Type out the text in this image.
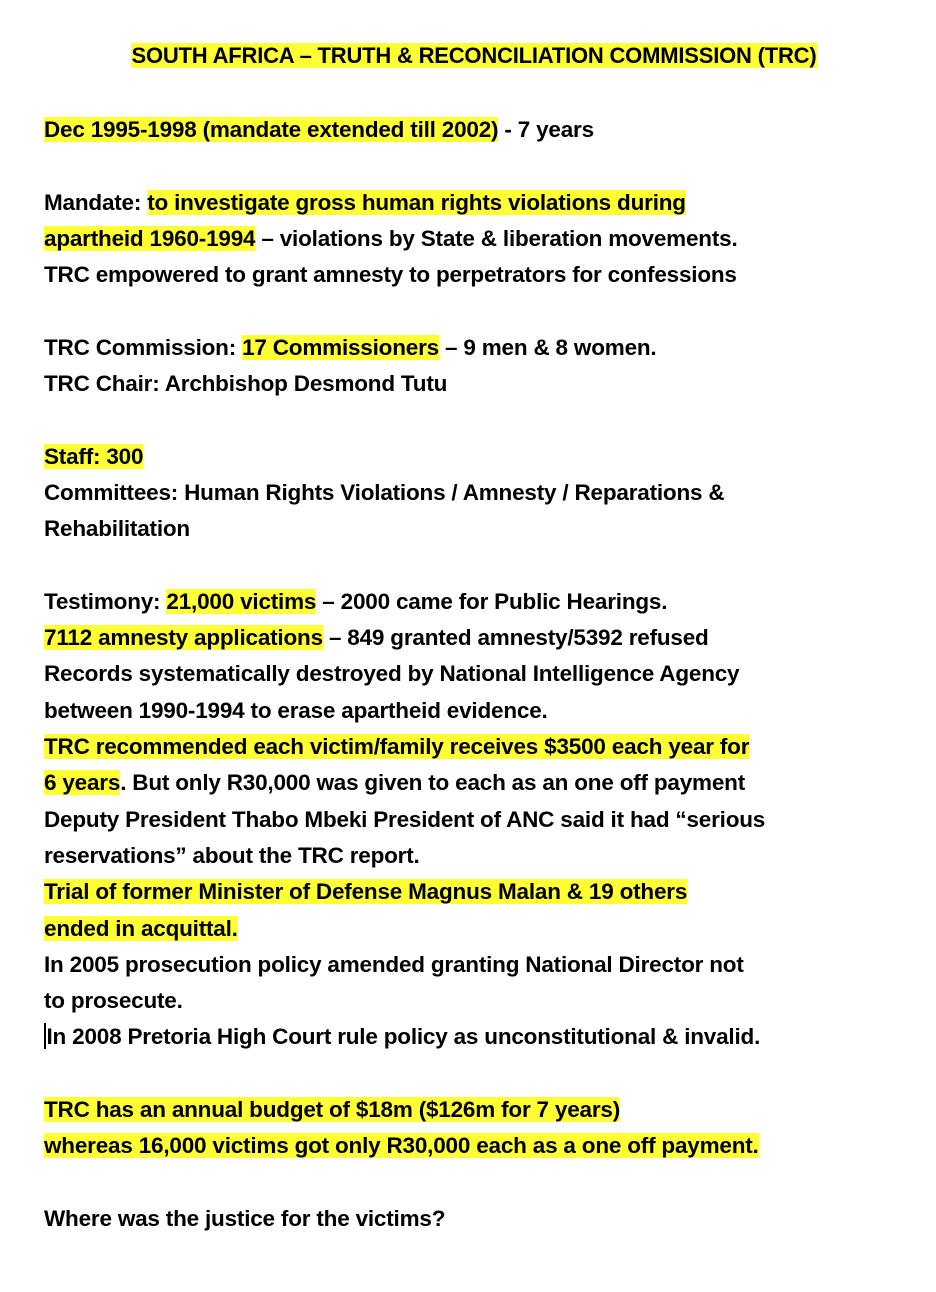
SOUTH AFRICA – TRUTH & RECONCILIATION COMMISSION (TRC)
Dec 1995-1998 (mandate extended till 2002) - 7 years
Mandate: to investigate gross human rights violations during
apartheid 1960-1994 – violations by State & liberation movements.
TRC empowered to grant amnesty to perpetrators for confessions
TRC Commission: 17 Commissioners – 9 men & 8 women.
TRC Chair: Archbishop Desmond Tutu
Staff: 300
Committees: Human Rights Violations / Amnesty / Reparations &
Rehabilitation
Testimony: 21,000 victims – 2000 came for Public Hearings.
7112 amnesty applications – 849 granted amnesty/5392 refused
Records systematically destroyed by National Intelligence Agency
between 1990-1994 to erase apartheid evidence.
TRC recommended each victim/family receives $3500 each year for
6 years. But only R30,000 was given to each as an one off payment
Deputy President Thabo Mbeki President of ANC said it had “serious
reservations” about the TRC report.
Trial of former Minister of Defense Magnus Malan & 19 others
ended in acquittal.
In 2005 prosecution policy amended granting National Director not
to prosecute.
In 2008 Pretoria High Court rule policy as unconstitutional & invalid.
TRC has an annual budget of $18m ($126m for 7 years)
whereas 16,000 victims got only R30,000 each as a one off payment.
Where was the justice for the victims?
